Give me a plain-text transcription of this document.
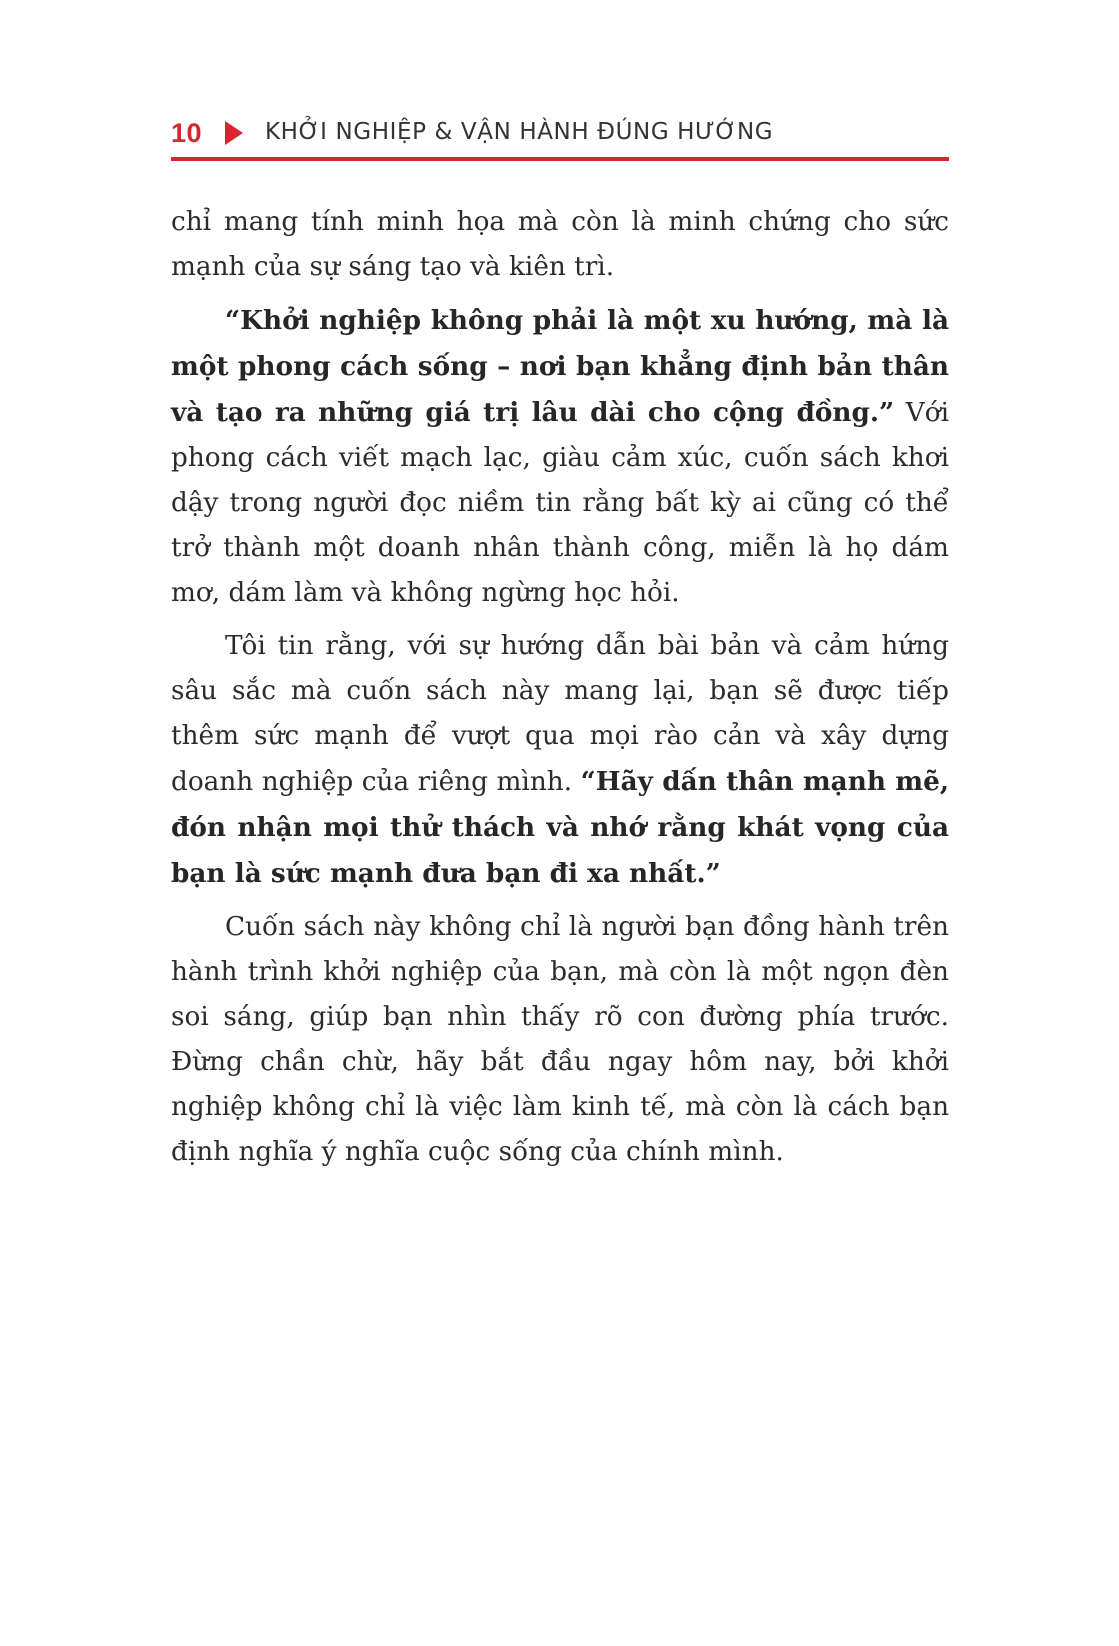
10	KHỞI NGHIỆP & VẬN HÀNH ĐÚNG HƯỚNG

chỉ mang tính minh họa mà còn là minh chứng cho sức mạnh của sự sáng tạo và kiên trì.

“Khởi nghiệp không phải là một xu hướng, mà là một phong cách sống – nơi bạn khẳng định bản thân và tạo ra những giá trị lâu dài cho cộng đồng.” Với phong cách viết mạch lạc, giàu cảm xúc, cuốn sách khơi dậy trong người đọc niềm tin rằng bất kỳ ai cũng có thể trở thành một doanh nhân thành công, miễn là họ dám mơ, dám làm và không ngừng học hỏi.

Tôi tin rằng, với sự hướng dẫn bài bản và cảm hứng sâu sắc mà cuốn sách này mang lại, bạn sẽ được tiếp thêm sức mạnh để vượt qua mọi rào cản và xây dựng doanh nghiệp của riêng mình. “Hãy dấn thân mạnh mẽ, đón nhận mọi thử thách và nhớ rằng khát vọng của bạn là sức mạnh đưa bạn đi xa nhất.”

Cuốn sách này không chỉ là người bạn đồng hành trên hành trình khởi nghiệp của bạn, mà còn là một ngọn đèn soi sáng, giúp bạn nhìn thấy rõ con đường phía trước. Đừng chần chừ, hãy bắt đầu ngay hôm nay, bởi khởi nghiệp không chỉ là việc làm kinh tế, mà còn là cách bạn định nghĩa ý nghĩa cuộc sống của chính mình.
